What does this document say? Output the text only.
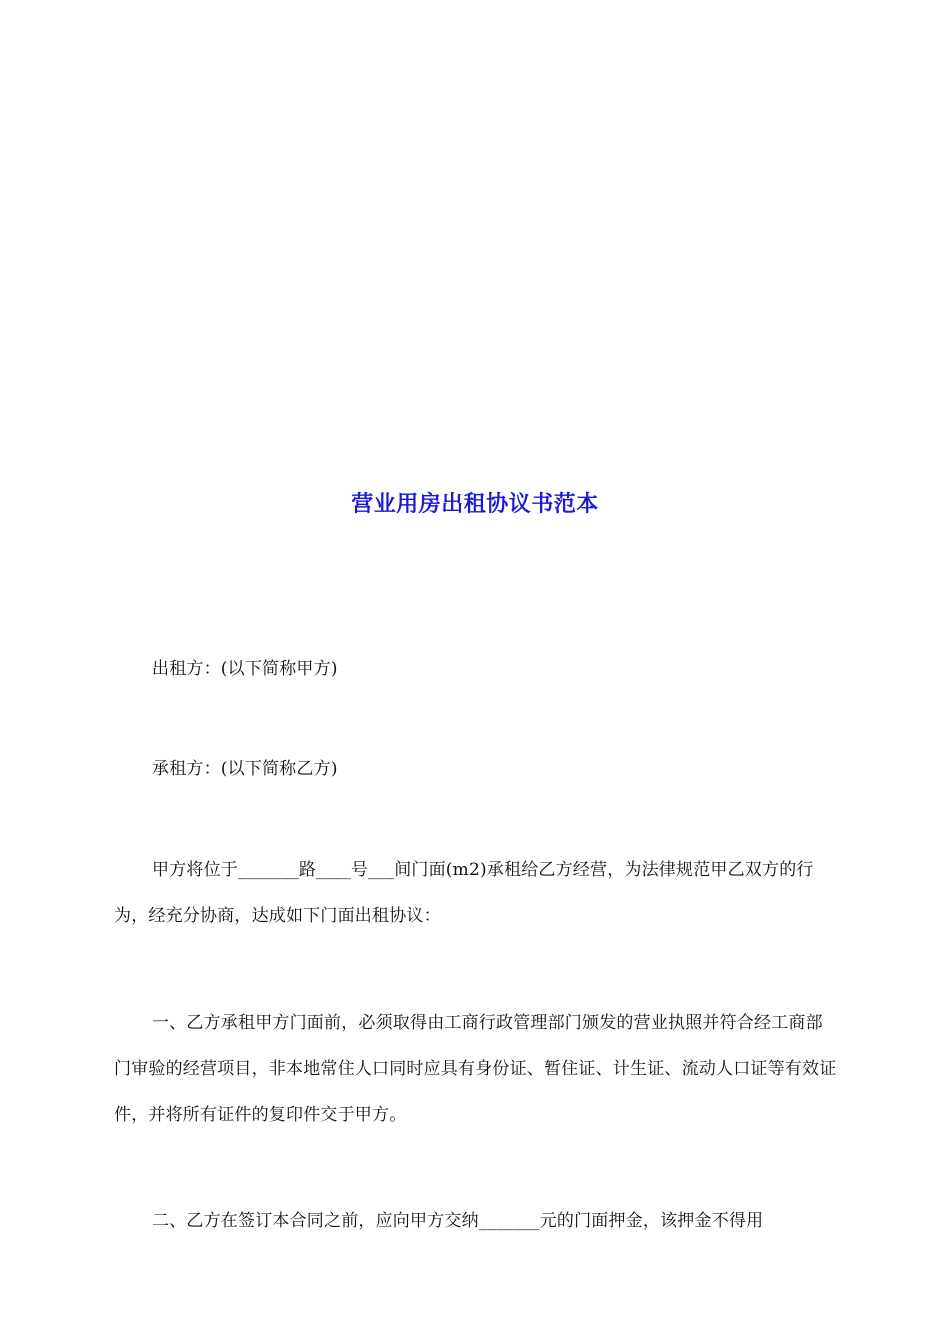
营业用房出租协议书范本
出租方：(以下简称甲方)
承租方：(以下简称乙方)
甲方将位于_______路____号___间门面(m2)承租给乙方经营，为法律规范甲乙双方的行为，经充分协商，达成如下门面出租协议：
一、乙方承租甲方门面前，必须取得由工商行政管理部门颁发的营业执照并符合经工商部门审验的经营项目，非本地常住人口同时应具有身份证、暂住证、计生证、流动人口证等有效证件，并将所有证件的复印件交于甲方。
二、乙方在签订本合同之前，应向甲方交纳_______元的门面押金，该押金不得用
